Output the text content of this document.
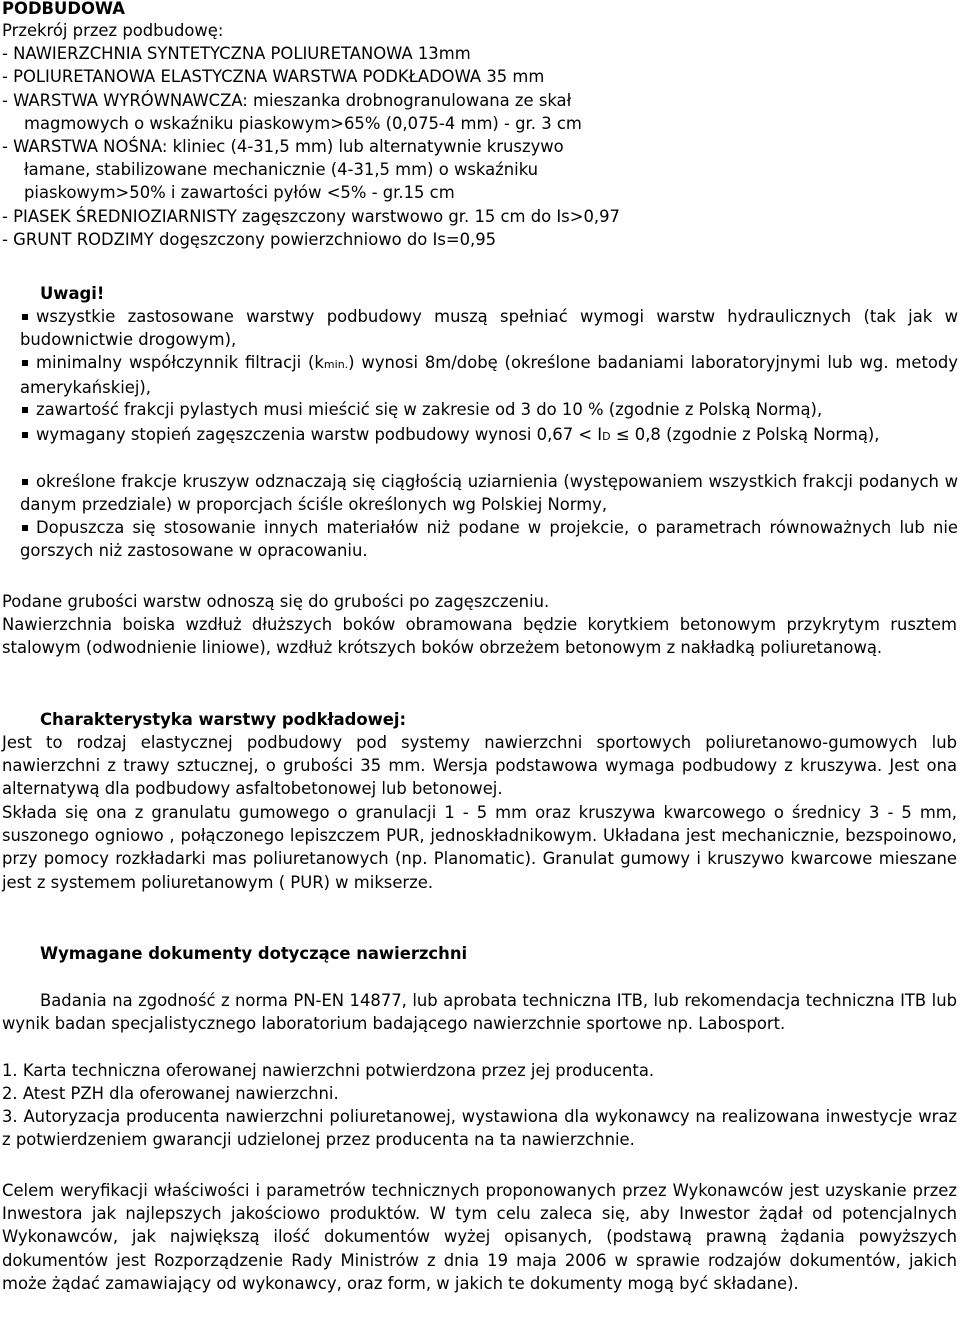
PODBUDOWA
Przekrój przez podbudowę:
- NAWIERZCHNIA SYNTETYCZNA POLIURETANOWA 13mm
- POLIURETANOWA ELASTYCZNA WARSTWA PODKŁADOWA 35 mm
- WARSTWA WYRÓWNAWCZA: mieszanka drobnogranulowana ze skał
magmowych o wskaźniku piaskowym>65% (0,075-4 mm) - gr. 3 cm
- WARSTWA NOŚNA: kliniec (4-31,5 mm) lub alternatywnie kruszywo
łamane, stabilizowane mechanicznie (4-31,5 mm) o wskaźniku
piaskowym>50% i zawartości pyłów <5% - gr.15 cm
- PIASEK ŚREDNIOZIARNISTY zagęszczony warstwowo gr. 15 cm do Is>0,97
- GRUNT RODZIMY dogęszczony powierzchniowo do Is=0,95
Uwagi!
wszystkie zastosowane warstwy podbudowy muszą spełniać wymogi warstw hydraulicznych (tak jak w budownictwie drogowym),
minimalny współczynnik filtracji (kmin.) wynosi 8m/dobę (określone badaniami laboratoryjnymi lub wg. metody amerykańskiej),
zawartość frakcji pylastych musi mieścić się w zakresie od 3 do 10 % (zgodnie z Polską Normą),
wymagany stopień zagęszczenia warstw podbudowy wynosi 0,67 < ID ≤ 0,8 (zgodnie z Polską Normą),
określone frakcje kruszyw odznaczają się ciągłością uziarnienia (występowaniem wszystkich frakcji podanych w danym przedziale) w proporcjach ściśle określonych wg Polskiej Normy,
Dopuszcza się stosowanie innych materiałów niż podane w projekcie, o parametrach równoważnych lub nie gorszych niż zastosowane w opracowaniu.
Podane grubości warstw odnoszą się do grubości po zagęszczeniu.
Nawierzchnia boiska wzdłuż dłuższych boków obramowana będzie korytkiem betonowym przykrytym rusztem stalowym (odwodnienie liniowe), wzdłuż krótszych boków obrzeżem betonowym z nakładką poliuretanową.
Charakterystyka warstwy podkładowej:
Jest to rodzaj elastycznej podbudowy pod systemy nawierzchni sportowych poliuretanowo-gumowych lub nawierzchni z trawy sztucznej, o grubości 35 mm. Wersja podstawowa wymaga podbudowy z kruszywa. Jest ona alternatywą dla podbudowy asfaltobetonowej lub betonowej.
Składa się ona z granulatu gumowego o granulacji 1 - 5 mm oraz kruszywa kwarcowego o średnicy 3 - 5 mm, suszonego ogniowo , połączonego lepiszczem PUR, jednoskładnikowym. Układana jest mechanicznie, bezspoinowo, przy pomocy rozkładarki mas poliuretanowych (np. Planomatic). Granulat gumowy i kruszywo kwarcowe mieszane jest z systemem poliuretanowym ( PUR) w mikserze.
Wymagane dokumenty dotyczące nawierzchni
Badania na zgodność z norma PN-EN 14877, lub aprobata techniczna ITB, lub rekomendacja techniczna ITB lub wynik badan specjalistycznego laboratorium badającego nawierzchnie sportowe np. Labosport.
1. Karta techniczna oferowanej nawierzchni potwierdzona przez jej producenta.
2. Atest PZH dla oferowanej nawierzchni.
3. Autoryzacja producenta nawierzchni poliuretanowej, wystawiona dla wykonawcy na realizowana inwestycje wraz z potwierdzeniem gwarancji udzielonej przez producenta na ta nawierzchnie.
Celem weryfikacji właściwości i parametrów technicznych proponowanych przez Wykonawców jest uzyskanie przez Inwestora jak najlepszych jakościowo produktów. W tym celu zaleca się, aby Inwestor żądał od potencjalnych Wykonawców, jak największą ilość dokumentów wyżej opisanych, (podstawą prawną żądania powyższych dokumentów jest Rozporządzenie Rady Ministrów z dnia 19 maja 2006 w sprawie rodzajów dokumentów, jakich może żądać zamawiający od wykonawcy, oraz form, w jakich te dokumenty mogą być składane).
